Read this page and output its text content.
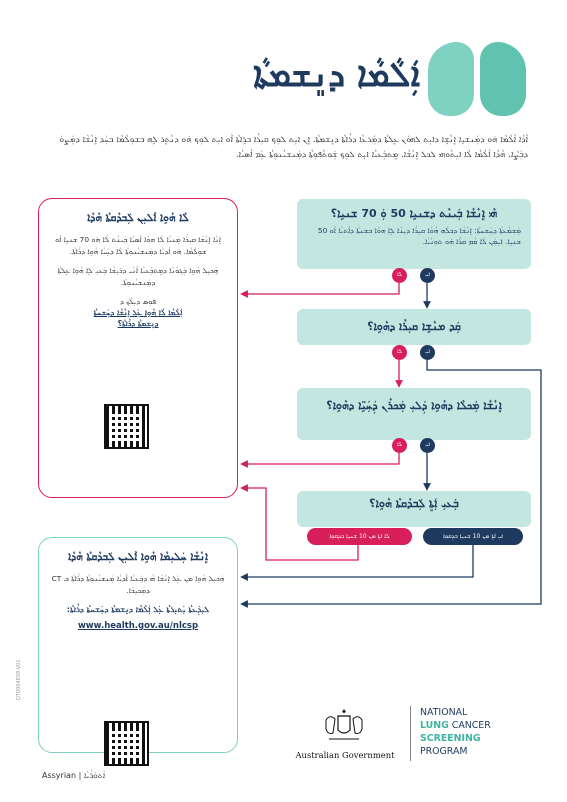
ܐܲܠܵܡܵܐ ܕܢܸܫܡܬܵܐ
ܐܵܕܵܐ ܐܵܠܵܡܵܐ ܗ̇ܘ ܕܡܲܢܫܝܹܐ ܐܸܢܵܫܹܐ ܕܐܝܼܬ ܠܗܘܿܢ ܥܸܠܬܵܐ ܕܡܲܪܥܵܐ ܕܪܵܐܬܵܐ ܕܢܸܫܡܬܵܐ. ܐܸܢ ܐܝܼܬ ܠܘܼܟ ܩܝܼܪܵܐ ܒܪܹܐܬܵܐ ܐܵܘ ܐܝܼܬ ܠܘܼܟ ܗ̇ܘ ܕܢܵܬܸܪ ܠܹܗ ܒܫܘܼܠܵܡܵܐ ܒܚܲܕ ܐܸܢܵܫܵܐ ܕܡܲܨܘܿ ܕܒܲܨܵܐ. ܗܵܕܵܐ ܐܵܠܵܡܵܐ ܠܵܐ ܐܝܼܬܵܘܗܝ ܠܟܠ ܐܸܢܵܫܵܐ. ܡܸܬܒܲܥܝܵܐ ܐܝܼܬ ܠܘܼܟ ܫܲܘܬܵܦܘܼܬܵܐ ܕܡܲܢܫܝܵܢܘܼܬܵܐ ܥܲܡ ܐܵܣܝܵܐ.
ܗܵܝ ܐܸܢܵܫܵܐ ܒܲܝܢܵܬ ܕܫܢܝܹܐ 50 ܘܲ 70 ܫܢܝܹܐ؟
ܡܲܫܡܵܥܬܵܐ ܕܚܲܫܚܬܵܐ: ܐܸܢܵܫܵܐ ܕܟܠܵܗ ܗܵܘܵܐ ܩܝܼܪܵܐ ܕܝܼܢܵܐ ܠܹܐ ܗܘܵܐ ܒܫܢܬܵܐ ܕܐܵܬܝܵܐ ܐܵܘ 50 ܫܢܝܹܐ. ܐܝܼܡܲܢ ܠܵܐ ܩܵܡ ܩܪܵܐ ܗ̇ܘ ܬܘܼܢܵܝܵܐ.
ܠܵܐ	ܐܝܼ
ܩܲܕ ܡܢܵܫܹܐ ܩܝܼܪܵܐ ܕܗܵܘܹܐ؟
ܠܵܐ	ܐܝܼ
ܐܸܢܵܫܵܐ ܡܲܟܠܵܐ ܕܗܵܘܹܐ ܕܲܠܝܼ ܡܲܟܪܵܢ ܕܲܚܲܝܹ̈ܐ ܕܗܵܘܹܐ؟
ܠܵܐ	ܐܝܼ
ܒܲܥܝܼ ܐܲܬܸܐ ܠܲܒܕܵܩܬܵܐ ܗܵܘܹܐ؟
ܠܵܐ ܐܵܬܹܐ ܡܢ 10 ܫܢܝܹܐ ܒܕܸܩܘܹܐ	ܐܝܼ ܐܵܬܹܐ ܡܢ 10 ܫܢܝܹܐ ܒܕܸܩܘܹܐ
ܠܵܐ ܗܵܘܹܐ ܐܵܠܝܼܢ ܠܲܒܕܵܩܬܵܐ ܗܵܕܵܐ
ܐܸܢܵܐ ܐܸܢܵܫܵܐ ܩܝܼܪܵܐ ܡܲܢܝܵܐ ܠܵܐ ܗܘܵܐ ܐܵܣܝܵܐ ܒܲܝܢܵܬ ܠܵܐ ܗ̇ܘ 70 ܫܢܝܹܐ ܐܵܘ ܫܘܼܠܵܡܵܐ. ܗ̇ܘ ܐܵܕܝܵܐ ܕܡܲܢܫܝܵܢܘܼܬܵܐ ܠܵܐ ܕܚܲܝܵܐ ܗܵܘܹܐ ܕܪܵܐܬܵܐ.
ܗܲܟܝܼܠ ܗܵܘܹܐ ܒܲܓܘܵܢܵܐ ܕܡܸܬܒܲܥܝܵܐ ܐܵܢܵܝ ܕܪܝܼܫܵܐ ܒܲܥܝܼ ܠܹܐ ܗܵܘܹܐ ܥܸܠܬܵܐ ܕܡܲܢܫܝܵܢܘܼܬܵܐ.
ܦܘܼܣ ܕܝܼܠܵܟ ܕ
ܐܲܠܵܡܵܐ ܠܵܐ ܗܵܘܹܐ ܥܲܠ ܐܸܢܵܫܵܐ ܕܚܲܫܚܬܵܐ
ܕܢܸܫܡܬܵܐ ܕܪܵܐܬܵܐ؟
ܐܸܢܵܫܵܐ ܚܲܠܝܼܡܵܐ ܗܵܘܹܐ ܐܵܠܝܼܢ ܠܲܒܕܵܩܬܵܐ ܗܵܕܵܐ
ܗܲܟܝܼܠ ܗܵܘܹܐ ܡܢ ܥܲܠ ܐܸܢܵܫܵܐ ܗܵܝ ܕܒܲܥܝܵܐ ܐܵܕܝܵܐ ܡܲܢܫܝܵܢܘܼܬܵܐ ܕܪܵܐܬܵܐ ܒ CT ܕܡܲܟܝܼܟܵܐ.
ܠܝܼܕܲܥܬܵܐ ܝܲܬܝܼܪܬܵܐ ܥܲܠ ܐܲܠܵܡܵܐ ܕܢܸܫܡܬܵܐ ܕܚܲܫܚܬܵܐ ܕܪܵܐܬܵܐ:
www.health.gov.au/nlcsp
DT0004838 V01
Assyrian | ܐܵܬܘܿܪܵܝܵܐ
Australian Government
NATIONAL
LUNG CANCER
SCREENING
PROGRAM
